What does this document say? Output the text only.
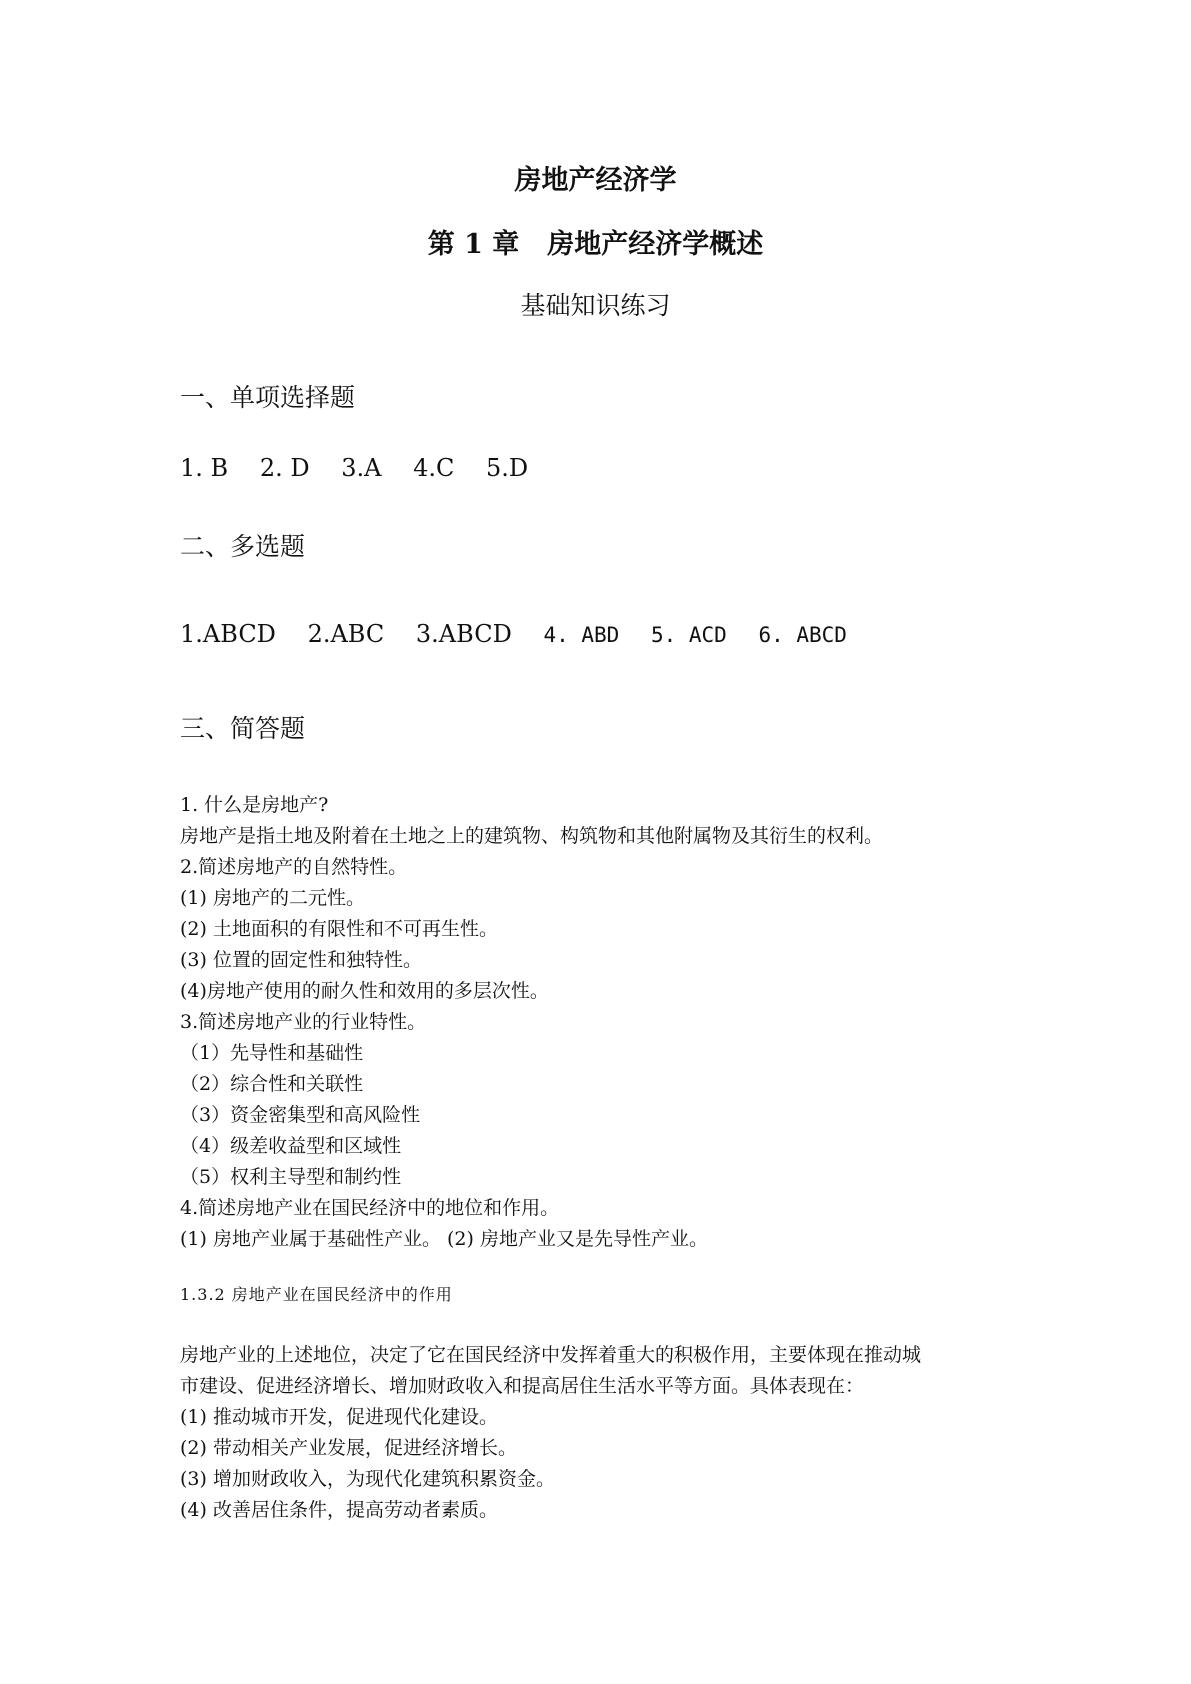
房地产经济学
第 1 章 房地产经济学概述
基础知识练习
一、单项选择题
1. B 2. D 3.A 4.C 5.D
二、多选题
1.ABCD 2.ABC 3.ABCD 4. ABD 5. ACD 6. ABCD
三、简答题
1. 什么是房地产?
房地产是指土地及附着在土地之上的建筑物、构筑物和其他附属物及其衍生的权利。
2.简述房地产的自然特性。
(1) 房地产的二元性。
(2) 土地面积的有限性和不可再生性。
(3) 位置的固定性和独特性。
(4)房地产使用的耐久性和效用的多层次性。
3.简述房地产业的行业特性。
（1）先导性和基础性
（2）综合性和关联性
（3）资金密集型和高风险性
（4）级差收益型和区域性
（5）权利主导型和制约性
4.简述房地产业在国民经济中的地位和作用。
(1) 房地产业属于基础性产业。 (2) 房地产业又是先导性产业。
1.3.2 房地产业在国民经济中的作用
房地产业的上述地位，决定了它在国民经济中发挥着重大的积极作用，主要体现在推动城
市建设、促进经济增长、增加财政收入和提高居住生活水平等方面。具体表现在：
(1) 推动城市开发，促进现代化建设。
(2) 带动相关产业发展，促进经济增长。
(3) 增加财政收入，为现代化建筑积累资金。
(4) 改善居住条件，提高劳动者素质。
